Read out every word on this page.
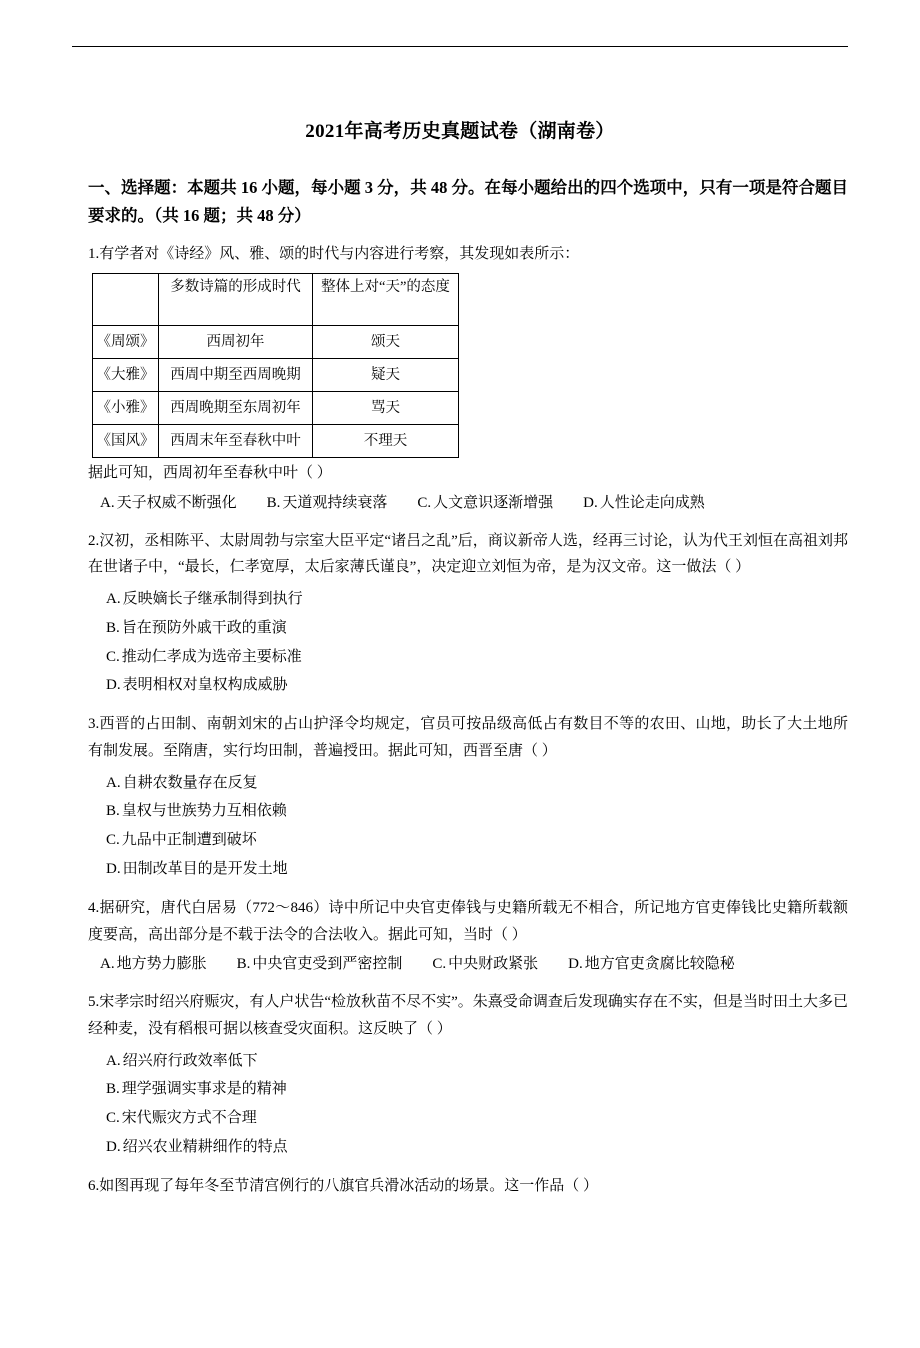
2021年高考历史真题试卷（湖南卷）

一、选择题：本题共 16 小题，每小题 3 分，共 48 分。在每小题给出的四个选项中，只有一项是符合题目要求的。（共 16 题；共 48 分）

1.有学者对《诗经》风、雅、颂的时代与内容进行考察，其发现如表所示：

	多数诗篇的形成时代	整体上对“天”的态度
《周颂》	西周初年	颂天
《大雅》	西周中期至西周晚期	疑天
《小雅》	西周晚期至东周初年	骂天
《国风》	西周末年至春秋中叶	不理天

据此可知，西周初年至春秋中叶（ ）

A. 天子权威不断强化 B. 天道观持续衰落 C. 人文意识逐渐增强 D. 人性论走向成熟

2.汉初，丞相陈平、太尉周勃与宗室大臣平定“诸吕之乱”后，商议新帝人选，经再三讨论，认为代王刘恒在高祖刘邦在世诸子中，“最长，仁孝宽厚，太后家薄氏谨良”，决定迎立刘恒为帝，是为汉文帝。这一做法（ ）

A. 反映嫡长子继承制得到执行
B. 旨在预防外戚干政的重演
C. 推动仁孝成为选帝主要标准
D. 表明相权对皇权构成威胁

3.西晋的占田制、南朝刘宋的占山护泽令均规定，官员可按品级高低占有数目不等的农田、山地，助长了大土地所有制发展。至隋唐，实行均田制，普遍授田。据此可知，西晋至唐（ ）

A. 自耕农数量存在反复
B. 皇权与世族势力互相依赖
C. 九品中正制遭到破坏
D. 田制改革目的是开发土地

4.据研究，唐代白居易（772～846）诗中所记中央官吏俸钱与史籍所载无不相合，所记地方官吏俸钱比史籍所载额度要高，高出部分是不载于法令的合法收入。据此可知，当时（ ）

A. 地方势力膨胀 B. 中央官吏受到严密控制 C. 中央财政紧张 D. 地方官吏贪腐比较隐秘

5.宋孝宗时绍兴府赈灾，有人户状告“检放秋苗不尽不实”。朱熹受命调查后发现确实存在不实，但是当时田土大多已经种麦，没有稻根可据以核查受灾面积。这反映了（ ）

A. 绍兴府行政效率低下
B. 理学强调实事求是的精神
C. 宋代赈灾方式不合理
D. 绍兴农业精耕细作的特点

6.如图再现了每年冬至节清宫例行的八旗官兵滑冰活动的场景。这一作品（ ）
